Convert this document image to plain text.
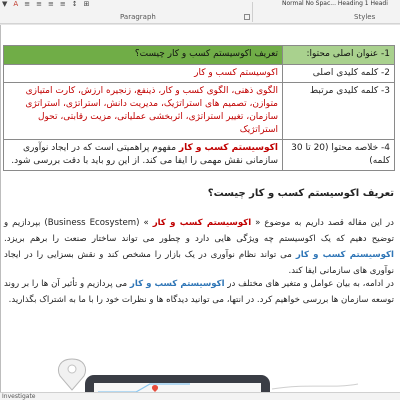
▼ A ≡ ≡ ≡ ≡ ↕ ⊞	Normal No Spac... Heading 1 Headi
Paragraph	Styles
1- عنوان اصلی محتوا:	تعریف اکوسیستم کسب و کار چیست؟
2- کلمه کلیدی اصلی	اکوسیستم کسب و کار
3- کلمه کلیدی مرتبط	الگوی ذهنی، الگوی کسب و کار، ذینفع، زنجیره ارزش، کارت امتیازی متوازن، تصمیم های استراتژیک، مدیریت دانش، استراتژی، استراتژی سازمان، تغییر استراتژی، اثربخشی عملیاتی، مزیت رقابتی، تحول استراتژیک
4- خلاصه محتوا (20 تا 30 کلمه)	اکوسیستم کسب و کار مفهوم پراهمیتی است که در ایجاد نوآوری سازمانی نقش مهمی را ایفا می کند. از این رو باید با دقت بررسی شود.
تعریف اکوسیستم کسب و کار چیست؟
در این مقاله قصد داریم به موضوع « اکوسیستم کسب و کار » (Business Ecosystem) بپردازیم و توضیح دهیم که یک اکوسیستم چه ویژگی هایی دارد و چطور می تواند ساختار صنعت را برهم بریزد. اکوسیستم کسب و کار می تواند نظام نوآوری در یک بازار را مشخص کند و نقش بسزایی را در ایجاد نوآوری های سازمانی ایفا کند.
در ادامه، به بیان عوامل و متغیر های مختلف در اکوسیستم کسب و کار می پردازیم و تأثیر آن ها را بر روند توسعه سازمان ها بررسی خواهیم کرد. در انتها، می توانید دیدگاه ها و نظرات خود را با ما به اشتراک بگذارید.
Investigate
